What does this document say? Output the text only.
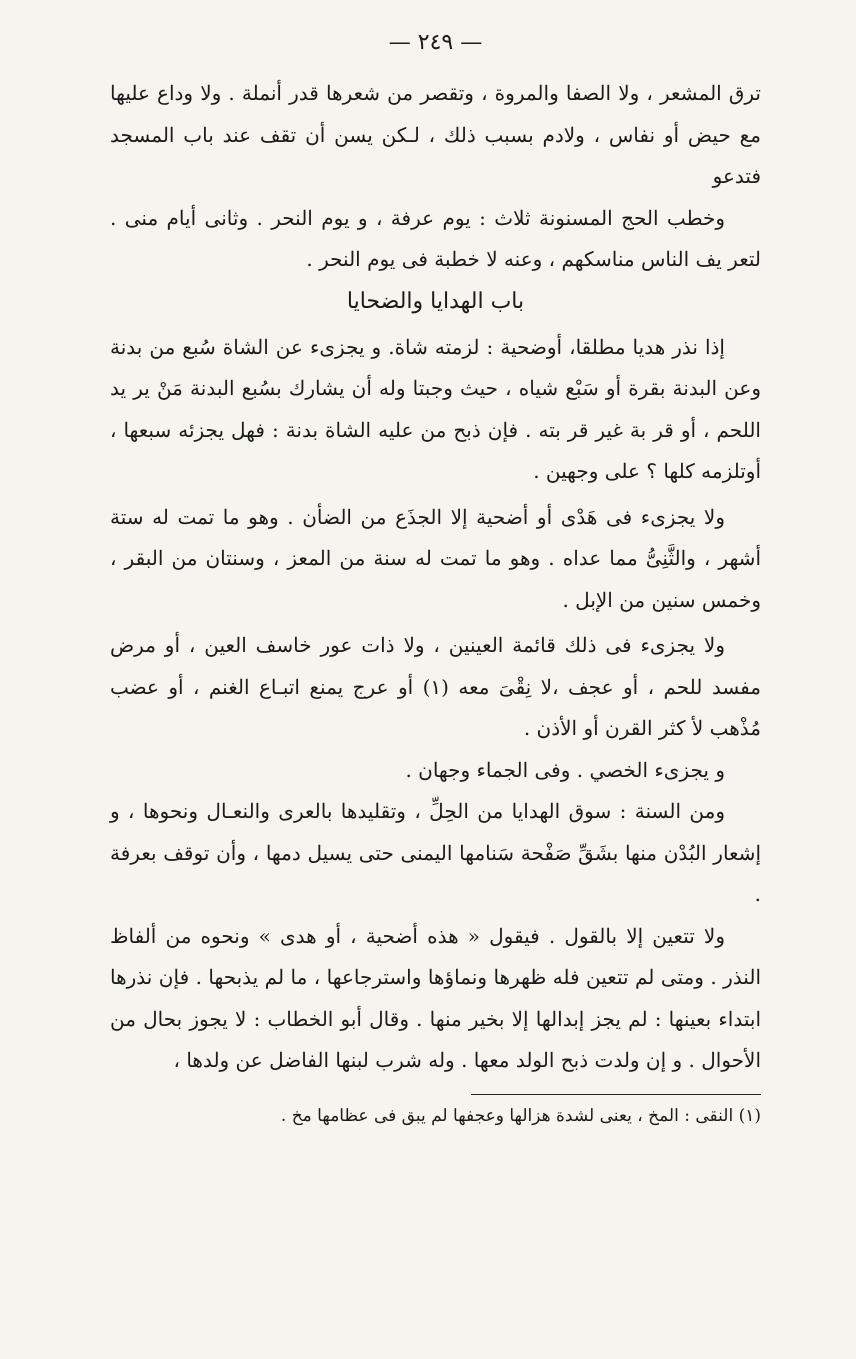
— ٢٤٩ —

ترق المشعر ، ولا الصفا والمروة ، وتقصر من شعرها قدر أنملة . ولا وداع عليها مع حيض أو نفاس ، ولادم بسبب ذلك ، لـكن يسن أن تقف عند باب المسجد فتدعو

وخطب الحج المسنونة ثلاث : يوم عرفة ، و يوم النحر . وثانى أيام منى . لتعر يف الناس مناسكهم ، وعنه لا خطبة فى يوم النحر .

باب الهدايا والضحايا

إذا نذر هديا مطلقا، أوضحية : لزمته شاة. و يجزىء عن الشاة سُبع من بدنة وعن البدنة بقرة أو سَبْع شياه ، حيث وجبتا وله أن يشارك بسُبع البدنة مَنْ ير يد اللحم ، أو قر بة غير قر بته . فإن ذبح من عليه الشاة بدنة : فهل يجزئه سبعها ، أوتلزمه كلها ؟ على وجهين .

ولا يجزىء فى هَدْى أو أضحية إلا الجذَع من الضأن . وهو ما تمت له ستة أشهر ، والثَّنِىُّ مما عداه . وهو ما تمت له سنة من المعز ، وسنتان من البقر ، وخمس سنين من الإبل .

ولا يجزىء فى ذلك قائمة العينين ، ولا ذات عور خاسف العين ، أو مرض مفسد للحم ، أو عجف ،لا نِقْىَ معه (١) أو عرج يمنع اتبـاع الغنم ، أو عضب مُذْهب لأ كثر القرن أو الأذن .

و يجزىء الخصي . وفى الجماء وجهان .

ومن السنة : سوق الهدايا من الحِلِّ ، وتقليدها بالعرى والنعـال ونحوها ، و إشعار البُدْن منها بشَقِّ صَفْحة سَنامها اليمنى حتى يسيل دمها ، وأن توقف بعرفة .

ولا تتعين إلا بالقول . فيقول « هذه أضحية ، أو هدى » ونحوه من ألفاظ النذر . ومتى لم تتعين فله ظهرها ونماؤها واسترجاعها ، ما لم يذبحها . فإن نذرها ابتداء بعينها : لم يجز إبدالها إلا بخير منها . وقال أبو الخطاب : لا يجوز بحال من الأحوال . و إن ولدت ذبح الولد معها . وله شرب لبنها الفاضل عن ولدها ،

(١) النقى : المخ ، يعنى لشدة هزالها وعجفها لم يبق فى عظامها مخ .
